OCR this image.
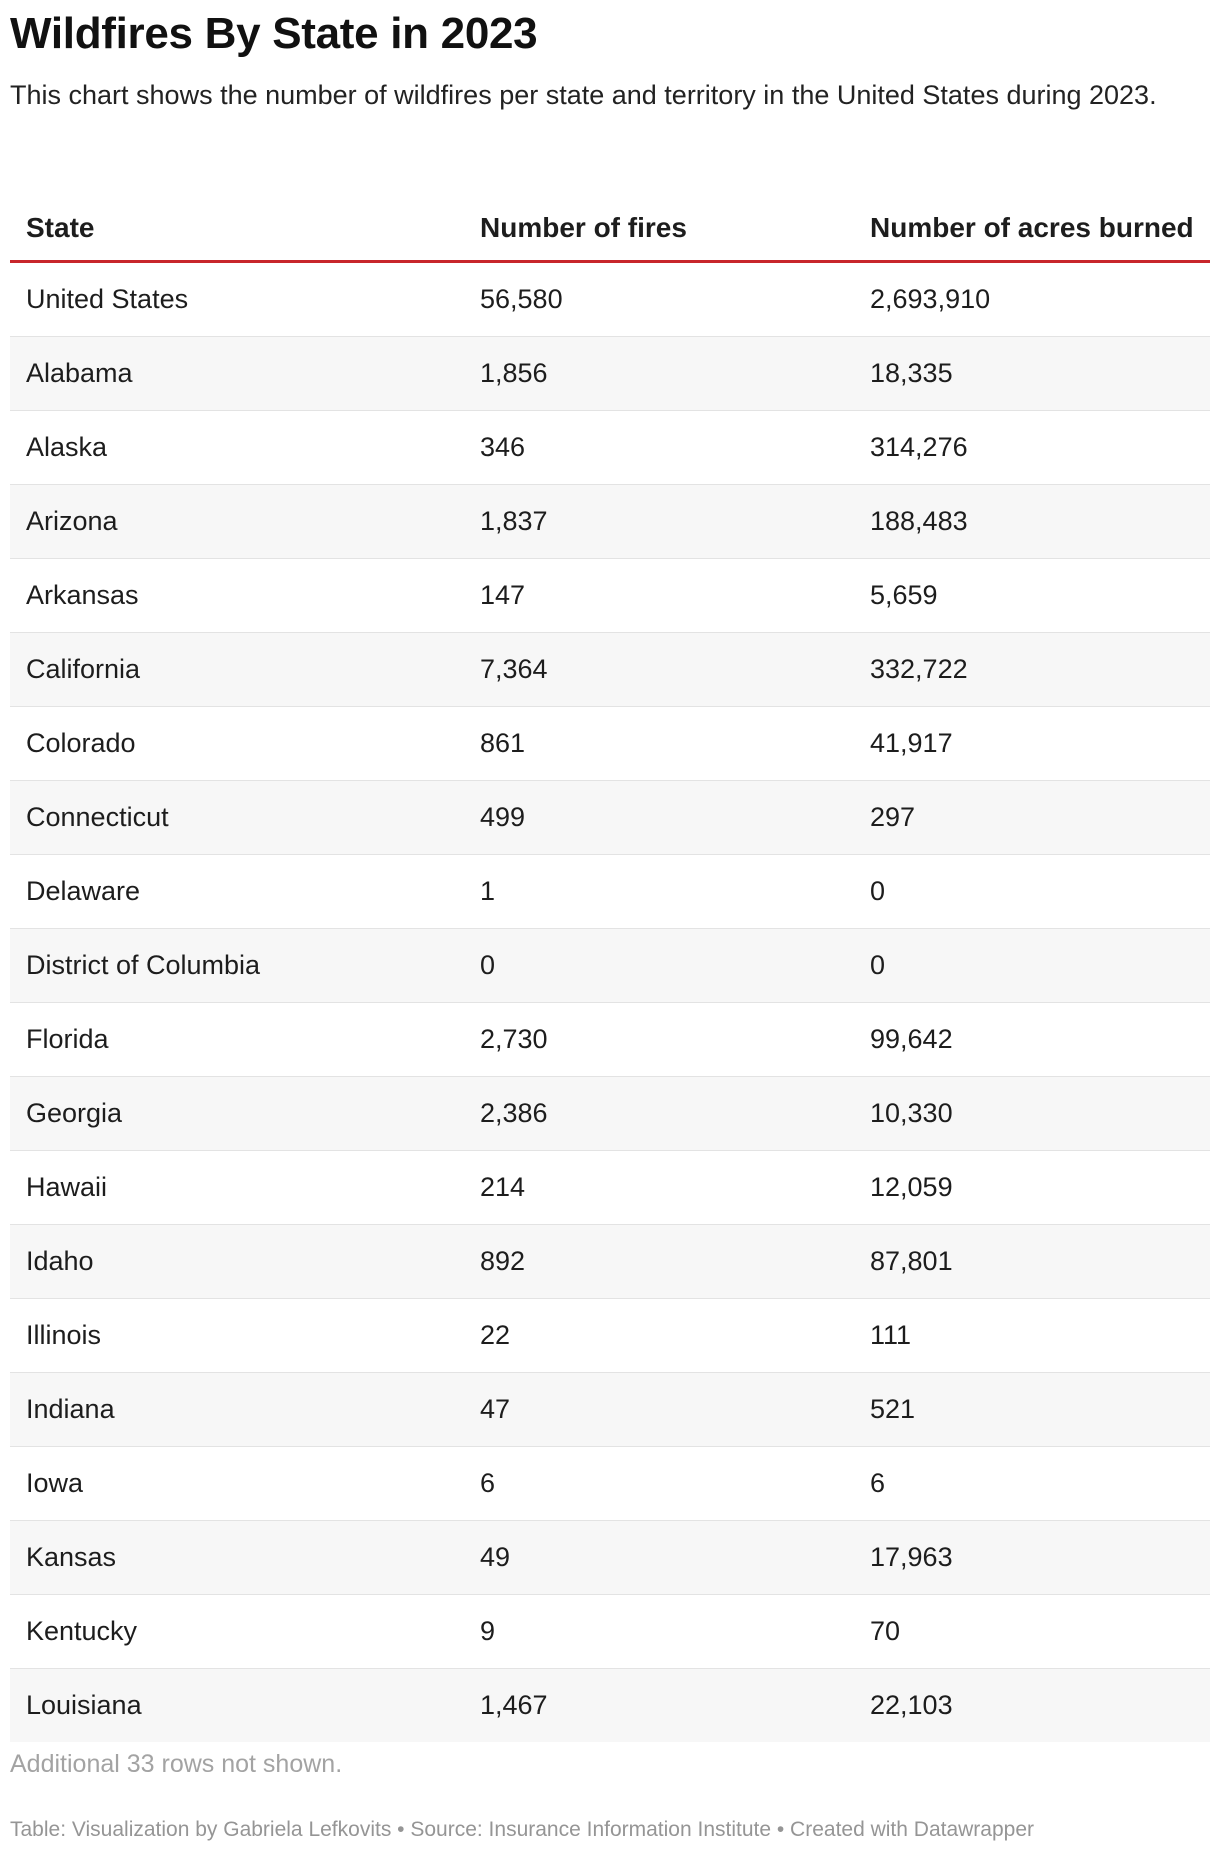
Wildfires By State in 2023

This chart shows the number of wildfires per state and territory in the United States during 2023.

State	Number of fires	Number of acres burned
United States	56,580	2,693,910
Alabama	1,856	18,335
Alaska	346	314,276
Arizona	1,837	188,483
Arkansas	147	5,659
California	7,364	332,722
Colorado	861	41,917
Connecticut	499	297
Delaware	1	0
District of Columbia	0	0
Florida	2,730	99,642
Georgia	2,386	10,330
Hawaii	214	12,059
Idaho	892	87,801
Illinois	22	111
Indiana	47	521
Iowa	6	6
Kansas	49	17,963
Kentucky	9	70
Louisiana	1,467	22,103
Additional 33 rows not shown.
Table: Visualization by Gabriela Lefkovits • Source: Insurance Information Institute • Created with Datawrapper
